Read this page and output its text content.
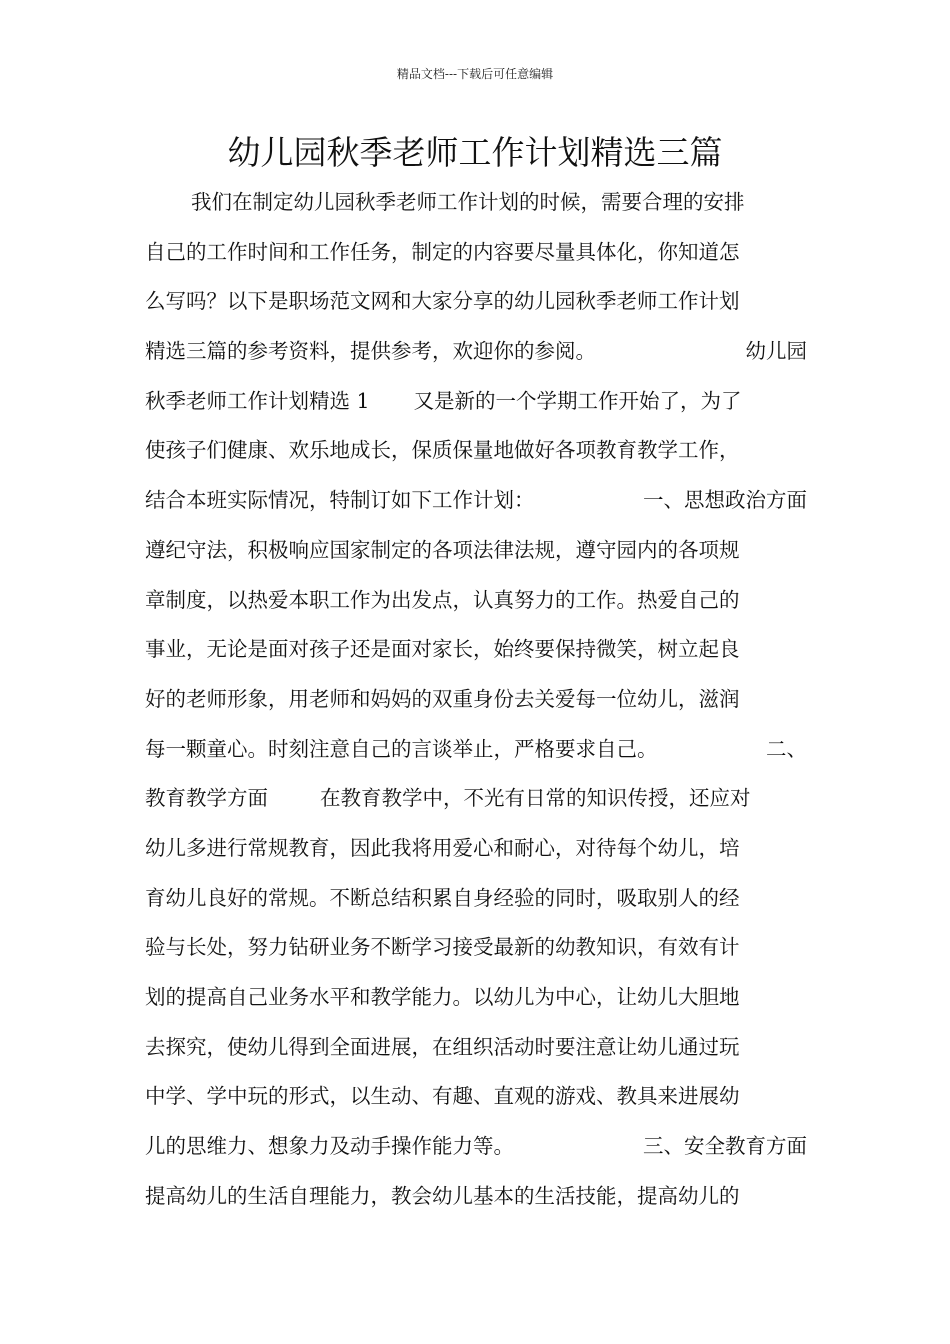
精品文档---下载后可任意编辑
幼儿园秋季老师工作计划精选三篇
我们在制定幼儿园秋季老师工作计划的时候，需要合理的安排
自己的工作时间和工作任务，制定的内容要尽量具体化，你知道怎
么写吗？以下是职场范文网和大家分享的幼儿园秋季老师工作计划
精选三篇的参考资料，提供参考，欢迎你的参阅。	幼儿园
秋季老师工作计划精选 1 又是新的一个学期工作开始了，为了
使孩子们健康、欢乐地成长，保质保量地做好各项教育教学工作，
结合本班实际情况，特制订如下工作计划：	一、思想政治方面
遵纪守法，积极响应国家制定的各项法律法规，遵守园内的各项规
章制度，以热爱本职工作为出发点，认真努力的工作。热爱自己的
事业，无论是面对孩子还是面对家长，始终要保持微笑，树立起良
好的老师形象，用老师和妈妈的双重身份去关爱每一位幼儿，滋润
每一颗童心。时刻注意自己的言谈举止，严格要求自己。	二、
教育教学方面	在教育教学中，不光有日常的知识传授，还应对
幼儿多进行常规教育，因此我将用爱心和耐心，对待每个幼儿，培
育幼儿良好的常规。不断总结积累自身经验的同时，吸取别人的经
验与长处，努力钻研业务不断学习接受最新的幼教知识，有效有计
划的提高自己业务水平和教学能力。以幼儿为中心，让幼儿大胆地
去探究，使幼儿得到全面进展，在组织活动时要注意让幼儿通过玩
中学、学中玩的形式，以生动、有趣、直观的游戏、教具来进展幼
儿的思维力、想象力及动手操作能力等。	三、安全教育方面
提高幼儿的生活自理能力，教会幼儿基本的生活技能，提高幼儿的
